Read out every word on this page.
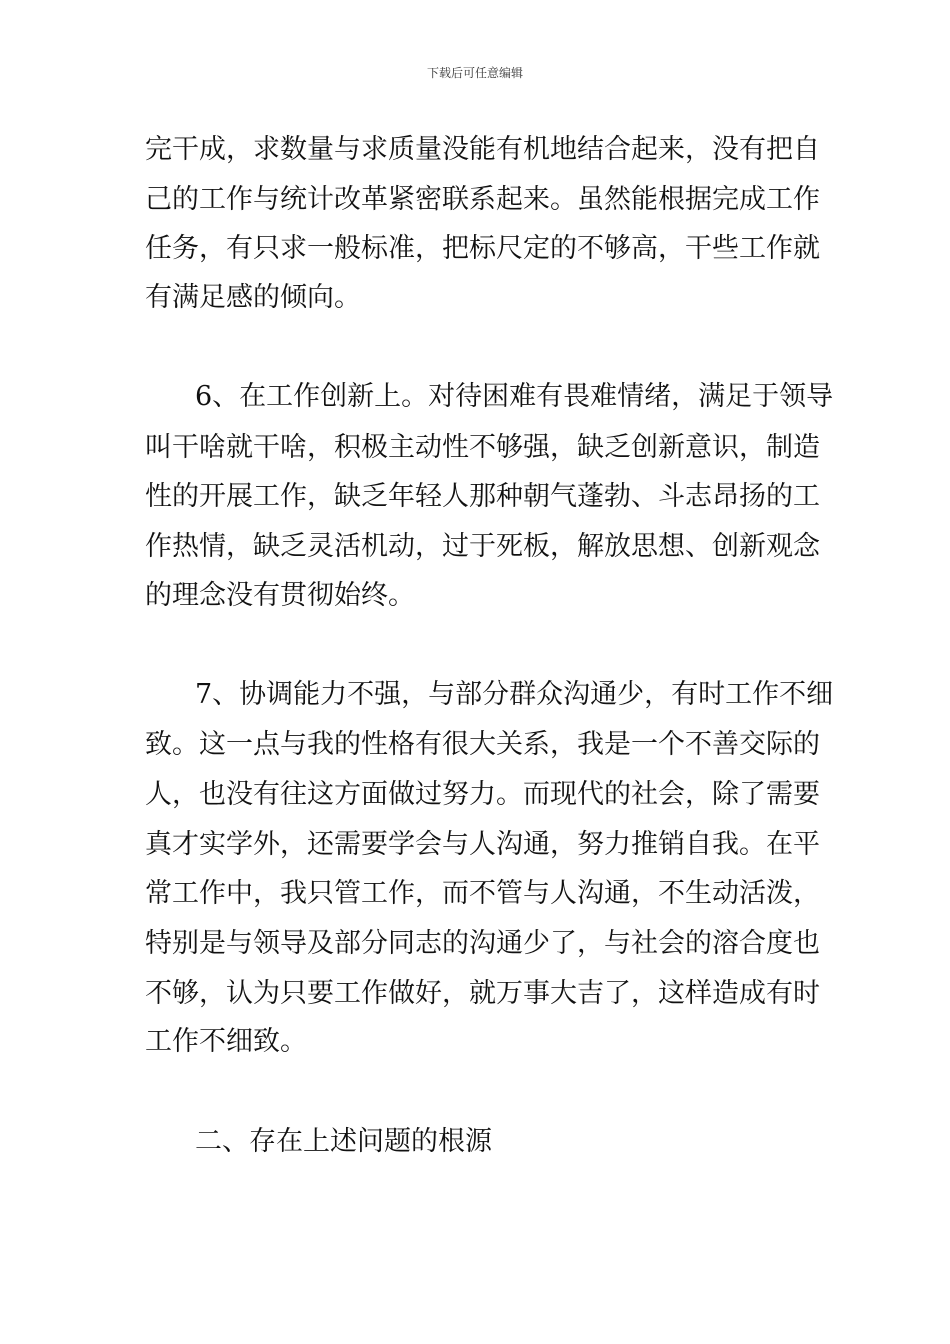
下载后可任意编辑
完干成，求数量与求质量没能有机地结合起来，没有把自
己的工作与统计改革紧密联系起来。虽然能根据完成工作
任务，有只求一般标准，把标尺定的不够高，干些工作就
有满足感的倾向。
6、在工作创新上。对待困难有畏难情绪，满足于领导
叫干啥就干啥，积极主动性不够强，缺乏创新意识，制造
性的开展工作，缺乏年轻人那种朝气蓬勃、斗志昂扬的工
作热情，缺乏灵活机动，过于死板，解放思想、创新观念
的理念没有贯彻始终。
7、协调能力不强，与部分群众沟通少，有时工作不细
致。这一点与我的性格有很大关系，我是一个不善交际的
人，也没有往这方面做过努力。而现代的社会，除了需要
真才实学外，还需要学会与人沟通，努力推销自我。在平
常工作中，我只管工作，而不管与人沟通，不生动活泼，
特别是与领导及部分同志的沟通少了，与社会的溶合度也
不够，认为只要工作做好，就万事大吉了，这样造成有时
工作不细致。
二、存在上述问题的根源
